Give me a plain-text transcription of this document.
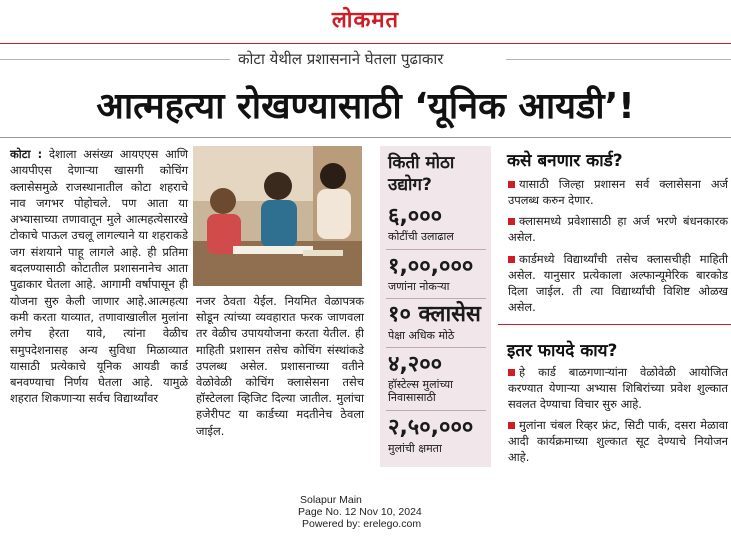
लोकमत
कोटा येथील प्रशासनाने घेतला पुढाकार
आत्महत्या रोखण्यासाठी ‘यूनिक आयडी’!
कोटा : देशाला असंख्य आयएएस आणि आयपीएस देणाऱ्या खासगी कोचिंग क्लासेसमुळे राजस्थानातील कोटा शहराचे नाव जगभर पोहोचले. पण आता या अभ्यासाच्या तणावातून मुले आत्महत्येसारखे टोकाचे पाऊल उचलू लागल्याने या शहराकडे जग संशयाने पाहू लागले आहे. ही प्रतिमा बदलण्यासाठी कोटातील प्रशासनानेच आता पुढाकार घेतला आहे. आगामी वर्षापासून ही योजना सुरु केली जाणार आहे.आत्महत्या कमी करता याव्यात, तणावाखालील मुलांना लगेच हेरता यावे, त्यांना वेळीच समुपदेशनासह अन्य सुविधा मिळाव्यात यासाठी प्रत्येकाचे यूनिक आयडी कार्ड बनवण्याचा निर्णय घेतला आहे. यामुळे शहरात शिकणाऱ्या सर्वच विद्यार्थ्यांवर
नजर ठेवता येईल. नियमित वेळापत्रक सोडून त्यांच्या व्यवहारात फरक जाणवला तर वेळीच उपाययोजना करता येतील. ही माहिती प्रशासन तसेच कोचिंग संस्थांकडे उपलब्ध असेल. प्रशासनाच्या वतीने वेळोवेळी कोचिंग क्लासेसना तसेच हॉस्टेलला व्हिजिट दिल्या जातील. मुलांचा हजेरीपट या कार्डच्या मदतीनेच ठेवला जाईल.
किती मोठा उद्योग?
६,०००
कोटींची उलाढाल
१,००,०००
जणांना नोकऱ्या
१० क्लासेस
पेक्षा अधिक मोठे
४,२००
हॉस्टेल्स मुलांच्या निवासासाठी
२,५०,०००
मुलांची क्षमता
कसे बनणार कार्ड?
यासाठी जिल्हा प्रशासन सर्व क्लासेसना अर्ज उपलब्ध करुन देणार.
क्लासमध्ये प्रवेशासाठी हा अर्ज भरणे बंधनकारक असेल.
कार्डमध्ये विद्यार्थ्यांची तसेच क्लासचीही माहिती असेल. यानुसार प्रत्येकाला अल्फान्यूमेरिक बारकोड दिला जाईल. ती त्या विद्यार्थ्यांची विशिष्ट ओळख असेल.
इतर फायदे काय?
हे कार्ड बाळगणाऱ्यांना वेळोवेळी आयोजित करण्यात येणाऱ्या अभ्यास शिबिरांच्या प्रवेश शुल्कात सवलत देण्याचा विचार सुरु आहे.
मुलांना चंबल रिव्हर फ्रंट, सिटी पार्क, दसरा मेळावा आदी कार्यक्रमाच्या शुल्कात सूट देण्याचे नियोजन आहे.
Solapur Main
Page No. 12 Nov 10, 2024
Powered by: erelego.com
